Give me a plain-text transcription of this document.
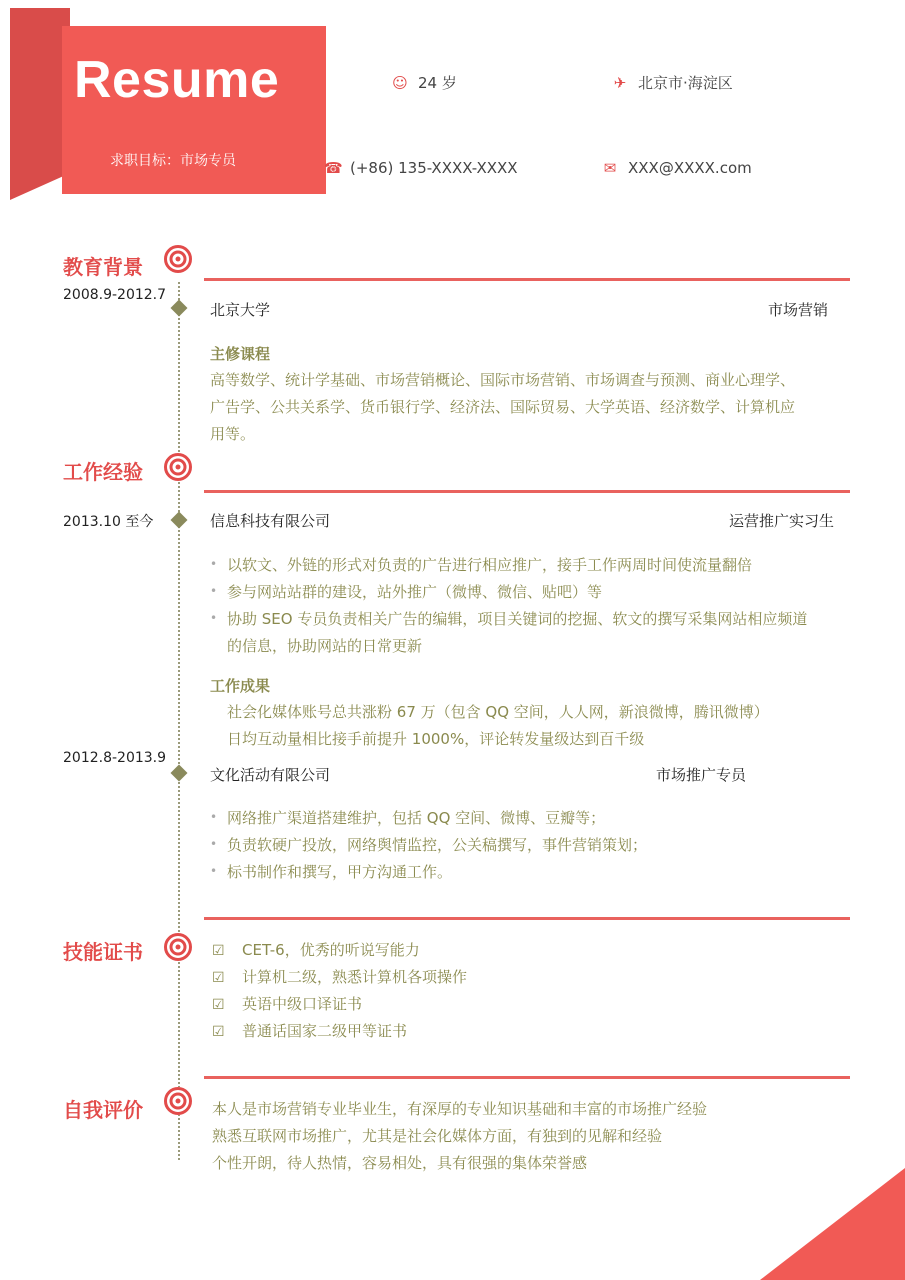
Resume
求职目标：市场专员
☺ 24 岁	✈ 北京市·海淀区
☎ (+86) 135-XXXX-XXXX	✉ XXX@XXXX.com
教育背景
2008.9-2012.7
北京大学	市场营销
主修课程
高等数学、统计学基础、市场营销概论、国际市场营销、市场调查与预测、商业心理学、
广告学、公共关系学、货币银行学、经济法、国际贸易、大学英语、经济数学、计算机应
用等。
工作经验
2013.10 至今	信息科技有限公司	运营推广实习生
• 以软文、外链的形式对负责的广告进行相应推广，接手工作两周时间使流量翻倍
• 参与网站站群的建设，站外推广（微博、微信、贴吧）等
• 协助 SEO 专员负责相关广告的编辑，项目关键词的挖掘、软文的撰写采集网站相应频道
的信息，协助网站的日常更新
工作成果
社会化媒体账号总共涨粉 67 万（包含 QQ 空间，人人网，新浪微博，腾讯微博）
日均互动量相比接手前提升 1000%，评论转发量级达到百千级
2012.8-2013.9
文化活动有限公司	市场推广专员
• 网络推广渠道搭建维护，包括 QQ 空间、微博、豆瓣等；
• 负责软硬广投放，网络舆情监控，公关稿撰写，事件营销策划；
• 标书制作和撰写，甲方沟通工作。
技能证书	☑ CET-6，优秀的听说写能力
☑ 计算机二级，熟悉计算机各项操作
☑ 英语中级口译证书
☑ 普通话国家二级甲等证书
自我评价	本人是市场营销专业毕业生，有深厚的专业知识基础和丰富的市场推广经验
熟悉互联网市场推广，尤其是社会化媒体方面，有独到的见解和经验
个性开朗，待人热情，容易相处，具有很强的集体荣誉感
